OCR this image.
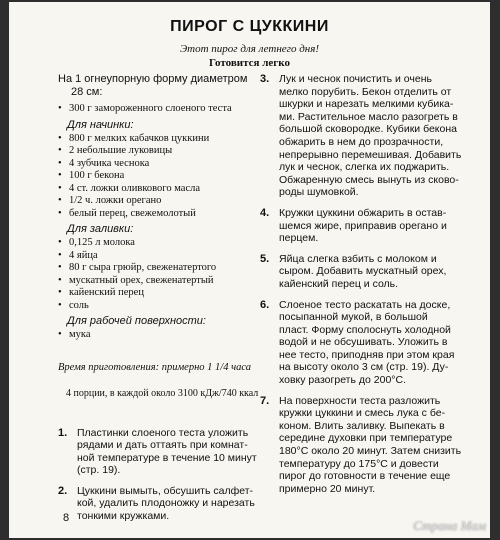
ПИРОГ С ЦУККИНИ
Этот пирог для летнего дня!
Готовится легко
На 1 огнеупорную форму диаметром
28 см:
• 300 г замороженного слоеного теста
Для начинки:
• 800 г мелких кабачков цуккини
• 2 небольшие луковицы
• 4 зубчика чеснока
• 100 г бекона
• 4 ст. ложки оливкового масла
• 1/2 ч. ложки орегано
• белый перец, свежемолотый
Для заливки:
• 0,125 л молока
• 4 яйца
• 80 г сыра грюйр, свеженатертого
• мускатный орех, свеженатертый
• кайенский перец
• соль
Для рабочей поверхности:
• мука
Время приготовления: примерно 1 1/4 часа
4 порции, в каждой около 3100 кДж/740 ккал
1. Пластинки слоеного теста уложить
рядами и дать оттаять при комнат-
ной температуре в течение 10 минут
(стр. 19).
2. Цуккини вымыть, обсушить салфет-
кой, удалить плодоножку и нарезать
тонкими кружками.
3. Лук и чеснок почистить и очень
мелко порубить. Бекон отделить от
шкурки и нарезать мелкими кубика-
ми. Растительное масло разогреть в
большой сковородке. Кубики бекона
обжарить в нем до прозрачности,
непрерывно перемешивая. Добавить
лук и чеснок, слегка их поджарить.
Обжаренную смесь вынуть из сково-
роды шумовкой.
4. Кружки цуккини обжарить в остав-
шемся жире, приправив орегано и
перцем.
5. Яйца слегка взбить с молоком и
сыром. Добавить мускатный орех,
кайенский перец и соль.
6. Слоеное тесто раскатать на доске,
посыпанной мукой, в большой
пласт. Форму сполоснуть холодной
водой и не обсушивать. Уложить в
нее тесто, приподняв при этом края
на высоту около 3 см (стр. 19). Ду-
ховку разогреть до 200°C.
7. На поверхности теста разложить
кружки цуккини и смесь лука с бе-
коном. Влить заливку. Выпекать в
середине духовки при температуре
180°C около 20 минут. Затем снизить
температуру до 175°C и довести
пирог до готовности в течение еще
примерно 20 минут.
8	Страна Мам
